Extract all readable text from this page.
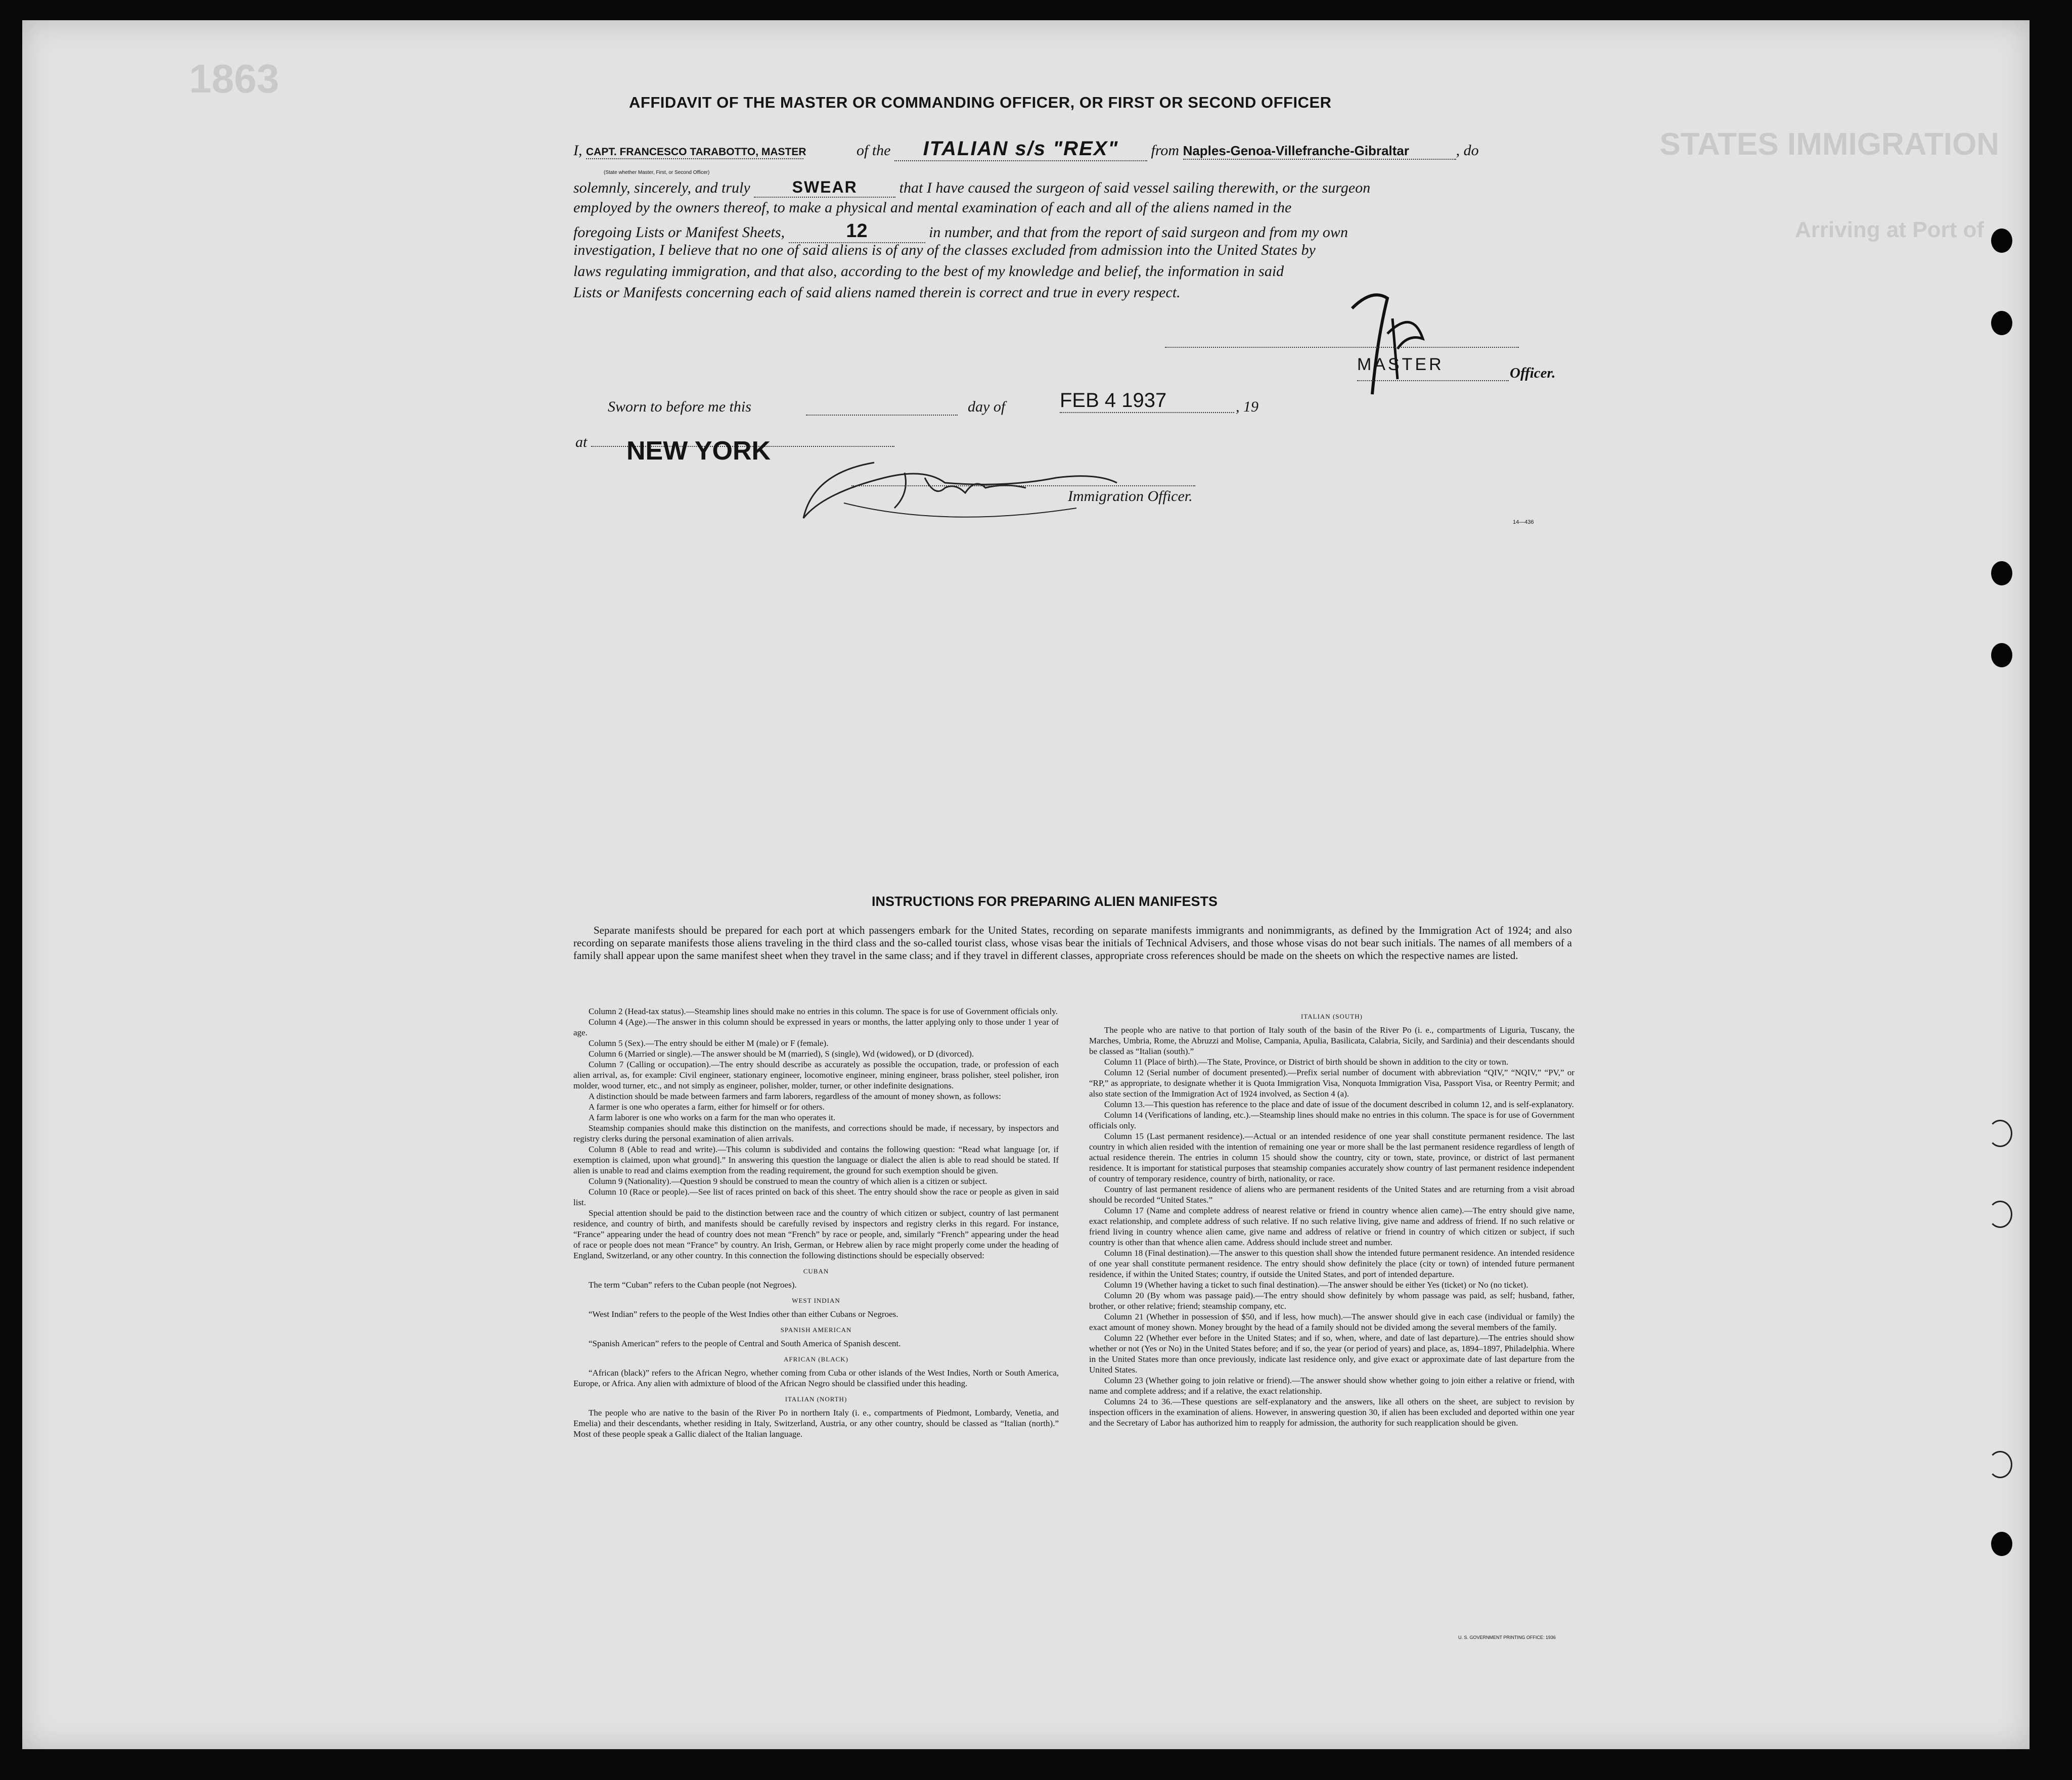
STATES IMMIGRATION
Arriving at Port of
1863
AFFIDAVIT OF THE MASTER OR COMMANDING OFFICER, OR FIRST OR SECOND OFFICER
I, CAPT. FRANCESCO TARABOTTO, MASTER	of the ITALIAN s/s "REX" from Naples-Genoa-Villefranche-Gibraltar	, do
(State whether Master, First, or Second Officer)
solemnly, sincerely, and truly	SWEAR	that I have caused the surgeon of said vessel sailing therewith, or the surgeon
employed by the owners thereof, to make a physical and mental examination of each and all of the aliens named in the
foregoing Lists or Manifest Sheets,	12	in number, and that from the report of said surgeon and from my own
investigation, I believe that no one of said aliens is of any of the classes excluded from admission into the United States by
laws regulating immigration, and that also, according to the best of my knowledge and belief, the information in said
Lists or Manifests concerning each of said aliens named therein is correct and true in every respect.
MASTER	Officer.
Sworn to before me this	day of	FEB 4 1937	, 19
at NEW YORK
Immigration Officer.
14—436
INSTRUCTIONS FOR PREPARING ALIEN MANIFESTS
Separate manifests should be prepared for each port at which passengers embark for the United States, recording on separate manifests immigrants and nonimmigrants, as defined by the Immigration Act of 1924; and also recording on separate manifests those aliens traveling in the third class and the so-called tourist class, whose visas bear the initials of Technical Advisers, and those whose visas do not bear such initials. The names of all members of a family shall appear upon the same manifest sheet when they travel in the same class; and if they travel in different classes, appropriate cross references should be made on the sheets on which the respective names are listed.

Column 2 (Head-tax status).—Steamship lines should make no entries in this column. The space is for use of Government officials only.

Column 4 (Age).—The answer in this column should be expressed in years or months, the latter applying only to those under 1 year of age.

Column 5 (Sex).—The entry should be either M (male) or F (female).

Column 6 (Married or single).—The answer should be M (married), S (single), Wd (widowed), or D (divorced).

Column 7 (Calling or occupation).—The entry should describe as accurately as possible the occupation, trade, or profession of each alien arrival, as, for example: Civil engineer, stationary engineer, locomotive engineer, mining engineer, brass polisher, steel polisher, iron molder, wood turner, etc., and not simply as engineer, polisher, molder, turner, or other indefinite designations.

A distinction should be made between farmers and farm laborers, regardless of the amount of money shown, as follows:

A farmer is one who operates a farm, either for himself or for others.

A farm laborer is one who works on a farm for the man who operates it.

Steamship companies should make this distinction on the manifests, and corrections should be made, if necessary, by inspectors and registry clerks during the personal examination of alien arrivals.

Column 8 (Able to read and write).—This column is subdivided and contains the following question: “Read what language [or, if exemption is claimed, upon what ground].” In answering this question the language or dialect the alien is able to read should be stated. If alien is unable to read and claims exemption from the reading requirement, the ground for such exemption should be given.

Column 9 (Nationality).—Question 9 should be construed to mean the country of which alien is a citizen or subject.

Column 10 (Race or people).—See list of races printed on back of this sheet. The entry should show the race or people as given in said list.

Special attention should be paid to the distinction between race and the country of which citizen or subject, country of last permanent residence, and country of birth, and manifests should be carefully revised by inspectors and registry clerks in this regard. For instance, “France” appearing under the head of country does not mean “French” by race or people, and, similarly “French” appearing under the head of race or people does not mean “France” by country. An Irish, German, or Hebrew alien by race might properly come under the heading of England, Switzerland, or any other country. In this connection the following distinctions should be especially observed:

CUBAN

The term “Cuban” refers to the Cuban people (not Negroes).

WEST INDIAN

“West Indian” refers to the people of the West Indies other than either Cubans or Negroes.

SPANISH AMERICAN

“Spanish American” refers to the people of Central and South America of Spanish descent.

AFRICAN (BLACK)

“African (black)” refers to the African Negro, whether coming from Cuba or other islands of the West Indies, North or South America, Europe, or Africa. Any alien with admixture of blood of the African Negro should be classified under this heading.

ITALIAN (NORTH)

The people who are native to the basin of the River Po in northern Italy (i. e., compartments of Piedmont, Lombardy, Venetia, and Emelia) and their descendants, whether residing in Italy, Switzerland, Austria, or any other country, should be classed as “Italian (north).” Most of these people speak a Gallic dialect of the Italian language.

ITALIAN (SOUTH)

The people who are native to that portion of Italy south of the basin of the River Po (i. e., compartments of Liguria, Tuscany, the Marches, Umbria, Rome, the Abruzzi and Molise, Campania, Apulia, Basilicata, Calabria, Sicily, and Sardinia) and their descendants should be classed as “Italian (south).”

Column 11 (Place of birth).—The State, Province, or District of birth should be shown in addition to the city or town.

Column 12 (Serial number of document presented).—Prefix serial number of document with abbreviation “QIV,” “NQIV,” “PV,” or “RP,” as appropriate, to designate whether it is Quota Immigration Visa, Nonquota Immigration Visa, Passport Visa, or Reentry Permit; and also state section of the Immigration Act of 1924 involved, as Section 4 (a).

Column 13.—This question has reference to the place and date of issue of the document described in column 12, and is self-explanatory.

Column 14 (Verifications of landing, etc.).—Steamship lines should make no entries in this column. The space is for use of Government officials only.

Column 15 (Last permanent residence).—Actual or an intended residence of one year shall constitute permanent residence. The last country in which alien resided with the intention of remaining one year or more shall be the last permanent residence regardless of length of actual residence therein. The entries in column 15 should show the country, city or town, state, province, or district of last permanent residence. It is important for statistical purposes that steamship companies accurately show country of last permanent residence independent of country of temporary residence, country of birth, nationality, or race.

Country of last permanent residence of aliens who are permanent residents of the United States and are returning from a visit abroad should be recorded “United States.”

Column 17 (Name and complete address of nearest relative or friend in country whence alien came).—The entry should give name, exact relationship, and complete address of such relative. If no such relative living, give name and address of friend. If no such relative or friend living in country whence alien came, give name and address of relative or friend in country of which citizen or subject, if such country is other than that whence alien came. Address should include street and number.

Column 18 (Final destination).—The answer to this question shall show the intended future permanent residence. An intended residence of one year shall constitute permanent residence. The entry should show definitely the place (city or town) of intended future permanent residence, if within the United States; country, if outside the United States, and port of intended departure.

Column 19 (Whether having a ticket to such final destination).—The answer should be either Yes (ticket) or No (no ticket).

Column 20 (By whom was passage paid).—The entry should show definitely by whom passage was paid, as self; husband, father, brother, or other relative; friend; steamship company, etc.

Column 21 (Whether in possession of $50, and if less, how much).—The answer should give in each case (individual or family) the exact amount of money shown. Money brought by the head of a family should not be divided among the several members of the family.

Column 22 (Whether ever before in the United States; and if so, when, where, and date of last departure).—The entries should show whether or not (Yes or No) in the United States before; and if so, the year (or period of years) and place, as, 1894–1897, Philadelphia. Where in the United States more than once previously, indicate last residence only, and give exact or approximate date of last departure from the United States.

Column 23 (Whether going to join relative or friend).—The answer should show whether going to join either a relative or friend, with name and complete address; and if a relative, the exact relationship.

Columns 24 to 36.—These questions are self-explanatory and the answers, like all others on the sheet, are subject to revision by inspection officers in the examination of aliens. However, in answering question 30, if alien has been excluded and deported within one year and the Secretary of Labor has authorized him to reapply for admission, the authority for such reapplication should be given.

U. S. GOVERNMENT PRINTING OFFICE: 1936
